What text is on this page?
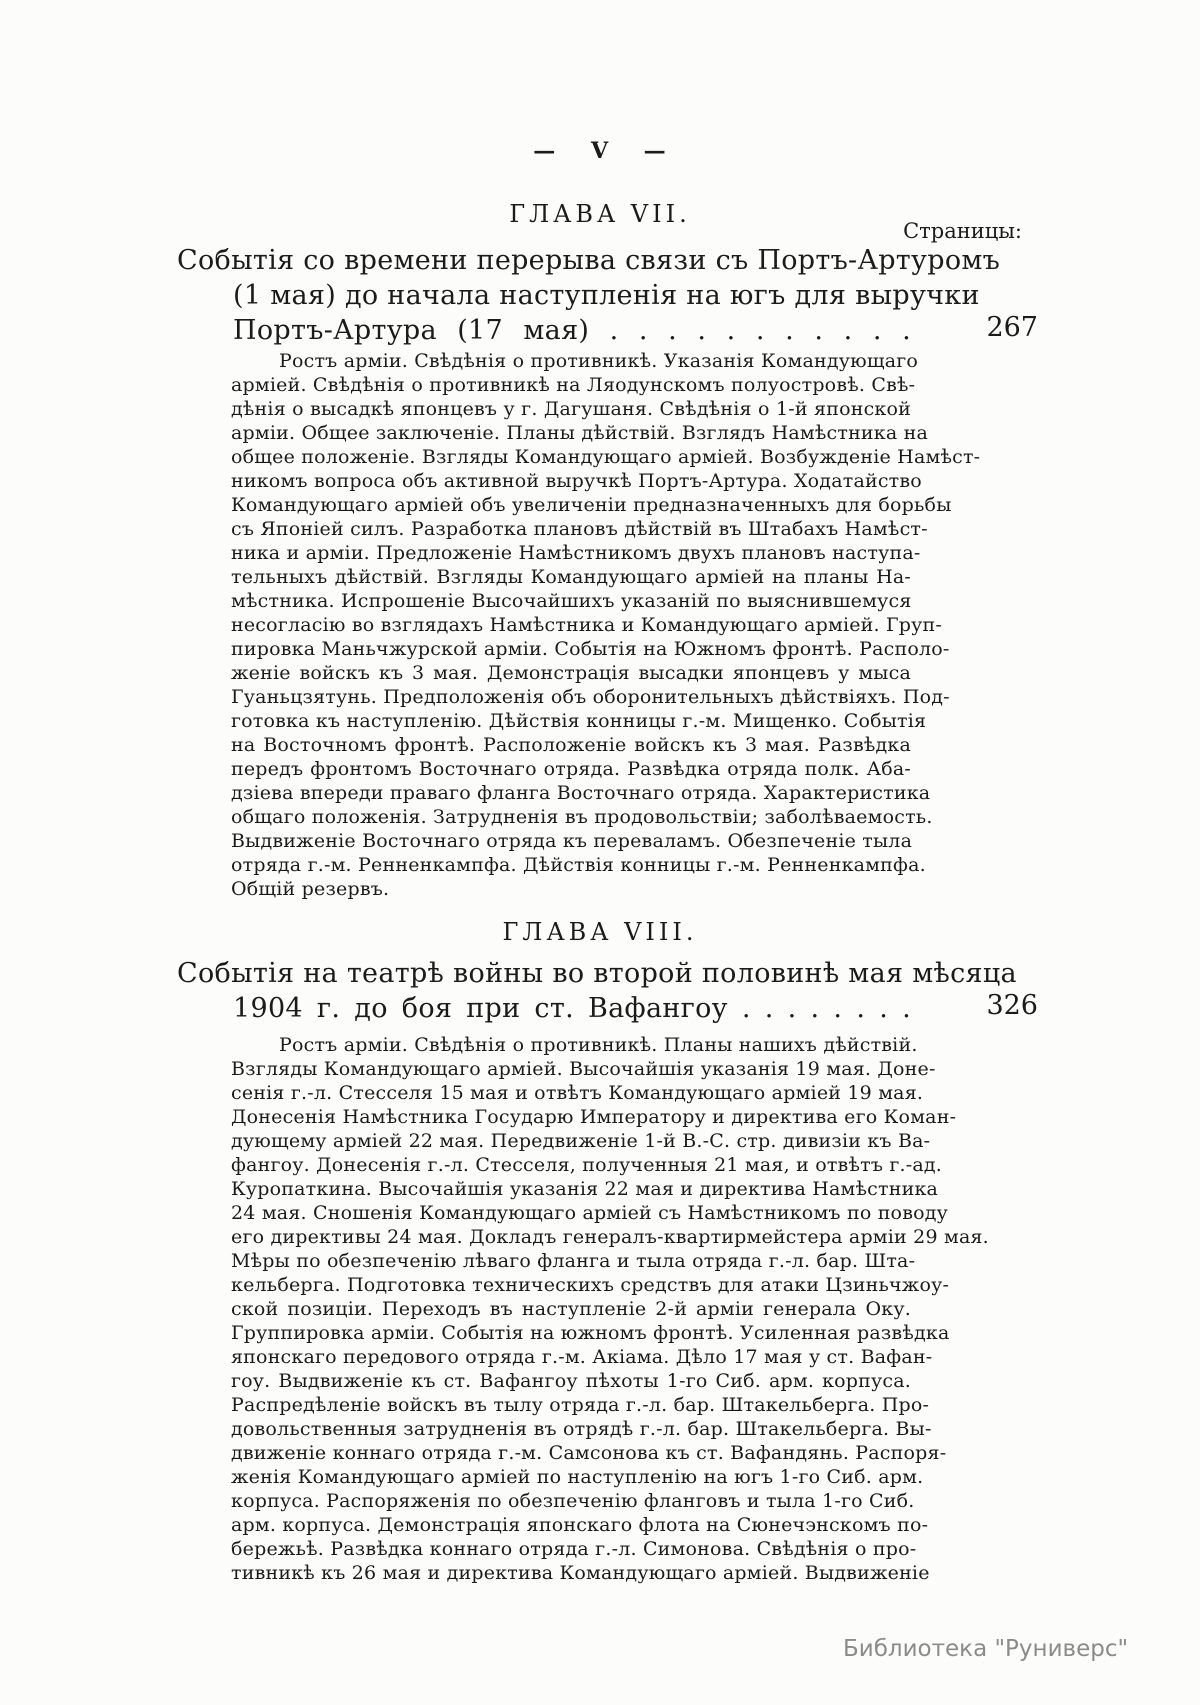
— V —
ГЛАВА VII.
Страницы:
Событія со времени перерыва связи съ Портъ-Артуромъ
(1 мая) до начала наступленія на югъ для выручки
Портъ-Артура (17 мая) . . . . . . . . . . .	267
Ростъ арміи. Свѣдѣнія о противникѣ. Указанія Командующаго
арміей. Свѣдѣнія о противникѣ на Ляодунскомъ полуостровѣ. Свѣ-
дѣнія о высадкѣ японцевъ у г. Дагушаня. Свѣдѣнія о 1-й японской
арміи. Общее заключеніе. Планы дѣйствій. Взглядъ Намѣстника на
общее положеніе. Взгляды Командующаго арміей. Возбужденіе Намѣст-
никомъ вопроса объ активной выручкѣ Портъ-Артура. Ходатайство
Командующаго арміей объ увеличеніи предназначенныхъ для борьбы
съ Японіей силъ. Разработка плановъ дѣйствій въ Штабахъ Намѣст-
ника и арміи. Предложеніе Намѣстникомъ двухъ плановъ наступа-
тельныхъ дѣйствій. Взгляды Командующаго арміей на планы На-
мѣстника. Испрошеніе Высочайшихъ указаній по выяснившемуся
несогласію во взглядахъ Намѣстника и Командующаго арміей. Груп-
пировка Маньчжурской арміи. Событія на Южномъ фронтѣ. Располо-
женіе войскъ къ 3 мая. Демонстрація высадки японцевъ у мыса
Гуаньцзятунь. Предположенія объ оборонительныхъ дѣйствіяхъ. Под-
готовка къ наступленію. Дѣйствія конницы г.-м. Мищенко. Событія
на Восточномъ фронтѣ. Расположеніе войскъ къ 3 мая. Развѣдка
передъ фронтомъ Восточнаго отряда. Развѣдка отряда полк. Аба-
дзіева впереди праваго фланга Восточнаго отряда. Характеристика
общаго положенія. Затрудненія въ продовольствіи; заболѣваемость.
Выдвиженіе Восточнаго отряда къ переваламъ. Обезпеченіе тыла
отряда г.-м. Ренненкампфа. Дѣйствія конницы г.-м. Ренненкампфа.
Общій резервъ.
ГЛАВА VIII.
Событія на театрѣ войны во второй половинѣ мая мѣсяца
1904 г. до боя при ст. Вафангоу . . . . . . . .	326
Ростъ арміи. Свѣдѣнія о противникѣ. Планы нашихъ дѣйствій.
Взгляды Командующаго арміей. Высочайшія указанія 19 мая. Доне-
сенія г.-л. Стесселя 15 мая и отвѣтъ Командующаго арміей 19 мая.
Донесенія Намѣстника Государю Императору и директива его Коман-
дующему арміей 22 мая. Передвиженіе 1-й В.-С. стр. дивизіи къ Ва-
фангоу. Донесенія г.-л. Стесселя, полученныя 21 мая, и отвѣтъ г.-ад.
Куропаткина. Высочайшія указанія 22 мая и директива Намѣстника
24 мая. Сношенія Командующаго арміей съ Намѣстникомъ по поводу
его директивы 24 мая. Докладъ генералъ-квартирмейстера арміи 29 мая.
Мѣры по обезпеченію лѣваго фланга и тыла отряда г.-л. бар. Шта-
кельберга. Подготовка техническихъ средствъ для атаки Цзиньчжоу-
ской позиціи. Переходъ въ наступленіе 2-й арміи генерала Оку.
Группировка арміи. Событія на южномъ фронтѣ. Усиленная развѣдка
японскаго передового отряда г.-м. Акіама. Дѣло 17 мая у ст. Вафан-
гоу. Выдвиженіе къ ст. Вафангоу пѣхоты 1-го Сиб. арм. корпуса.
Распредѣленіе войскъ въ тылу отряда г.-л. бар. Штакельберга. Про-
довольственныя затрудненія въ отрядѣ г.-л. бар. Штакельберга. Вы-
движеніе коннаго отряда г.-м. Самсонова къ ст. Вафандянь. Распоря-
женія Командующаго арміей по наступленію на югъ 1-го Сиб. арм.
корпуса. Распоряженія по обезпеченію фланговъ и тыла 1-го Сиб.
арм. корпуса. Демонстрація японскаго флота на Сюнечэнскомъ по-
бережьѣ. Развѣдка коннаго отряда г.-л. Симонова. Свѣдѣнія о про-
тивникѣ къ 26 мая и директива Командующаго арміей. Выдвиженіе
Библиотека "Руниверс"
